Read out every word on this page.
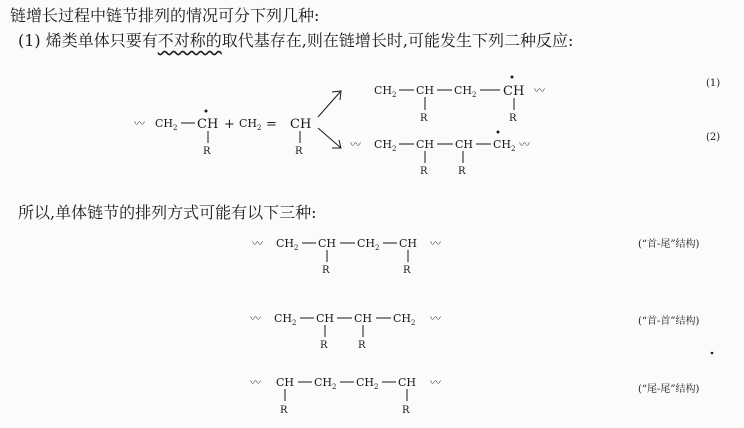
链增长过程中链节排列的情况可分下列几种:
(1) 烯类单体只要有不对称的取代基存在,则在链增长时,可能发生下列二种反应:
所以,单体链节的排列方式可能有以下三种:
〰 $CH_2$ CH
R
+ $CH_2$ = CH
R
$CH_2$ CH
R
$CH_2$ CH
R
〰
(1)
〰 $CH_2$ CH
R
CH
R
$CH_2$ 〰
(2)
〰 $CH_2$ CH
R
$CH_2$ CH
R
〰	(“首-尾”结构)
〰 $CH_2$ CH
R
CH
R
$CH_2$ 〰	(“首-首”结构)
〰 CH
R
$CH_2$ $CH_2$ CH
R
〰
(“尾-尾”结构)
